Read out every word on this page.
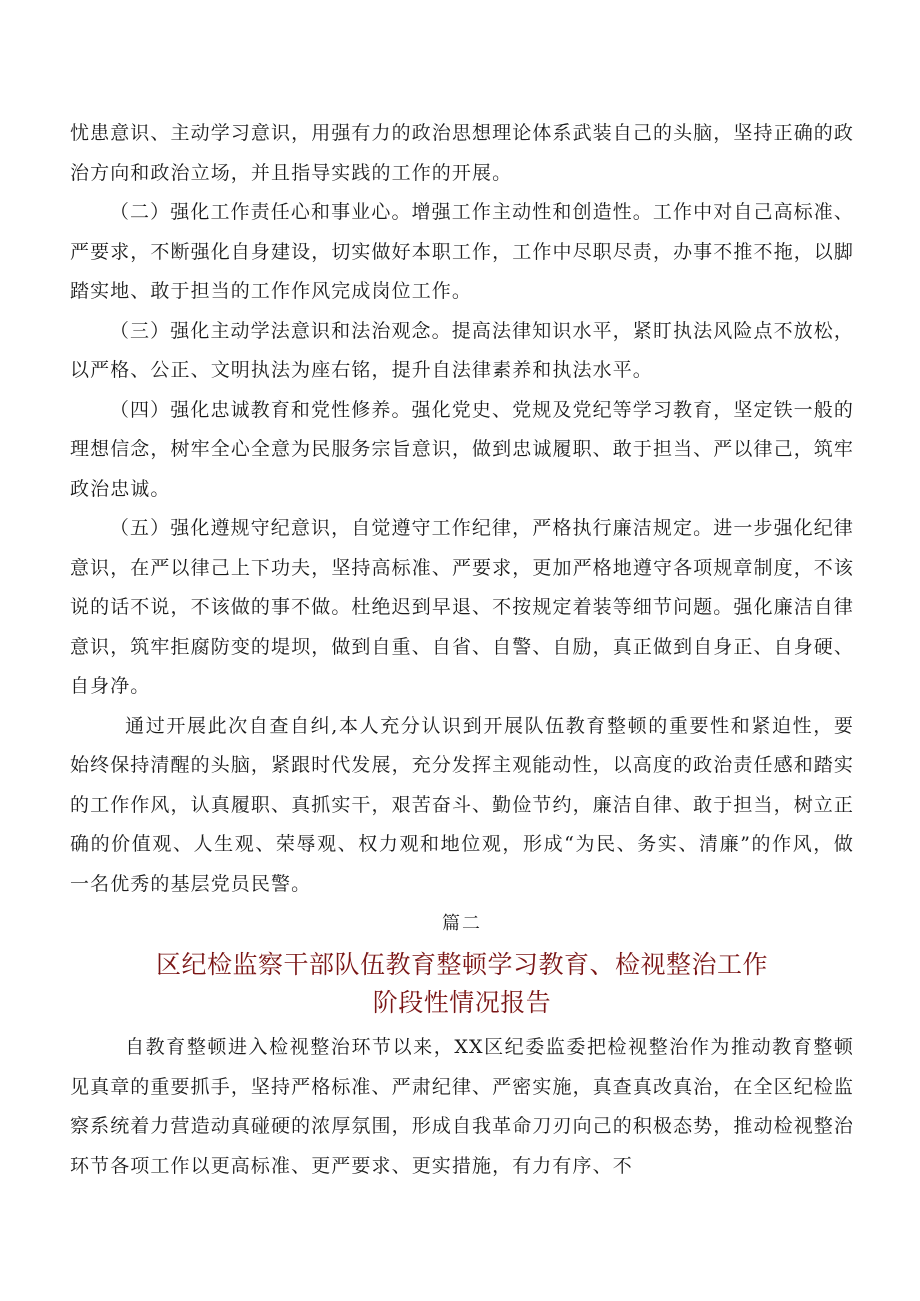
忧患意识、主动学习意识，用强有力的政治思想理论体系武装自己的头脑，坚持正确的政治方向和政治立场，并且指导实践的工作的开展。

（二）强化工作责任心和事业心。增强工作主动性和创造性。工作中对自己高标准、严要求，不断强化自身建设，切实做好本职工作，工作中尽职尽责，办事不推不拖，以脚踏实地、敢于担当的工作作风完成岗位工作。

（三）强化主动学法意识和法治观念。提高法律知识水平，紧盯执法风险点不放松，以严格、公正、文明执法为座右铭，提升自法律素养和执法水平。

（四）强化忠诚教育和党性修养。强化党史、党规及党纪等学习教育，坚定铁一般的理想信念，树牢全心全意为民服务宗旨意识，做到忠诚履职、敢于担当、严以律己，筑牢政治忠诚。

（五）强化遵规守纪意识，自觉遵守工作纪律，严格执行廉洁规定。进一步强化纪律意识，在严以律己上下功夫，坚持高标准、严要求，更加严格地遵守各项规章制度，不该说的话不说，不该做的事不做。杜绝迟到早退、不按规定着装等细节问题。强化廉洁自律意识，筑牢拒腐防变的堤坝，做到自重、自省、自警、自励，真正做到自身正、自身硬、自身净。

通过开展此次自查自纠,本人充分认识到开展队伍教育整顿的重要性和紧迫性，要始终保持清醒的头脑，紧跟时代发展，充分发挥主观能动性，以高度的政治责任感和踏实的工作作风，认真履职、真抓实干，艰苦奋斗、勤俭节约，廉洁自律、敢于担当，树立正确的价值观、人生观、荣辱观、权力观和地位观，形成“为民、务实、清廉”的作风，做一名优秀的基层党员民警。

篇二
区纪检监察干部队伍教育整顿学习教育、检视整治工作
阶段性情况报告

自教育整顿进入检视整治环节以来，XX区纪委监委把检视整治作为推动教育整顿见真章的重要抓手，坚持严格标准、严肃纪律、严密实施，真查真改真治，在全区纪检监察系统着力营造动真碰硬的浓厚氛围，形成自我革命刀刃向己的积极态势，推动检视整治环节各项工作以更高标准、更严要求、更实措施，有力有序、不
